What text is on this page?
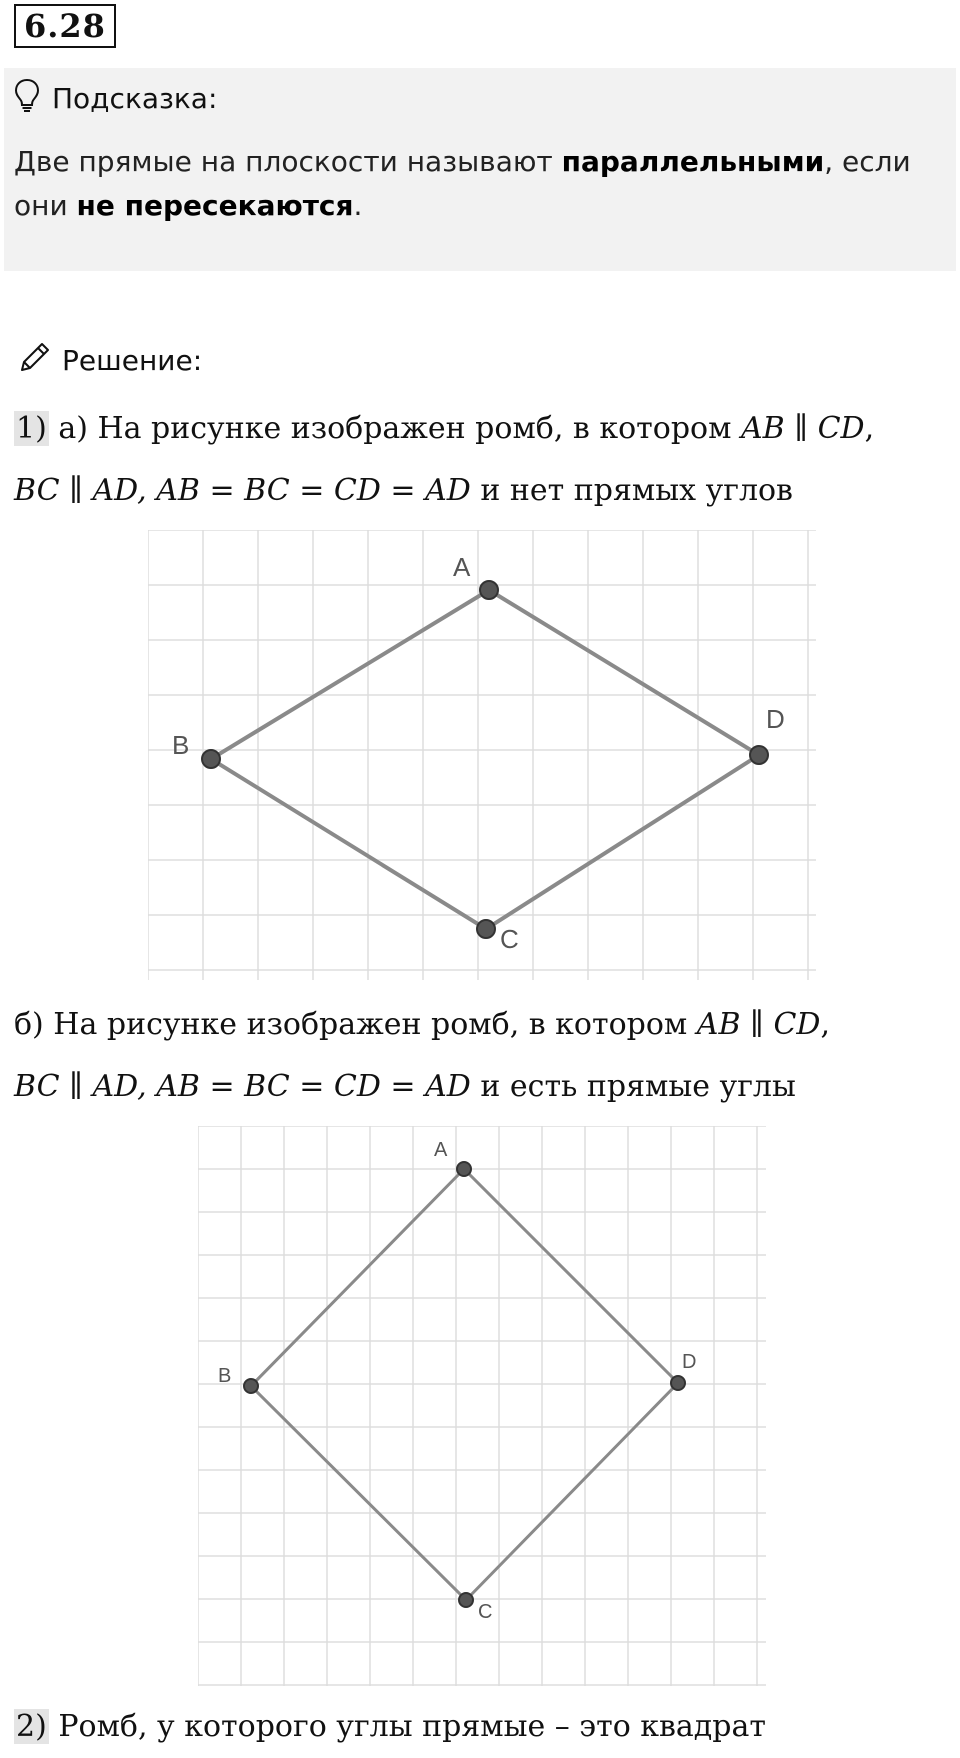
6.28
Подсказка:
Две прямые на плоскости называют параллельными, если они не пересекаются.
Решение:
1) а) На рисунке изображен ромб, в котором AB ∥ CD,
BC ∥ AD, AB = BC = CD = AD и нет прямых углов
A
B
C
D
б) На рисунке изображен ромб, в котором AB ∥ CD,
BC ∥ AD, AB = BC = CD = AD и есть прямые углы
A
B
C
D
2) Ромб, у которого углы прямые – это квадрат
